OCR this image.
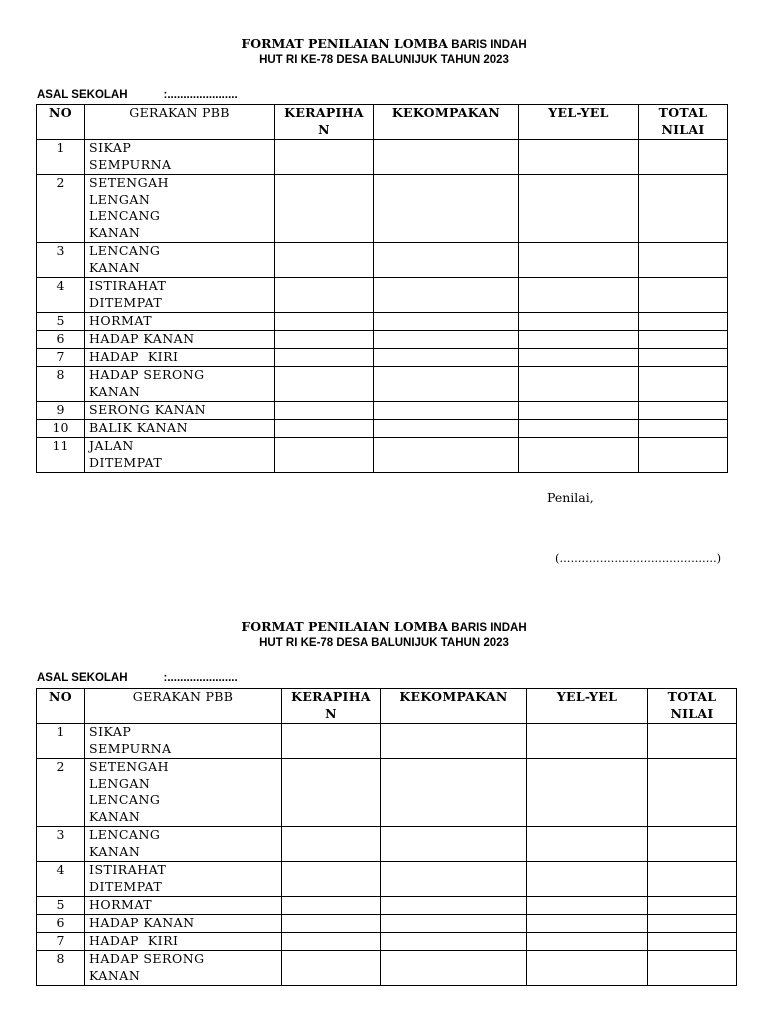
FORMAT PENILAIAN LOMBA BARIS INDAH
HUT RI KE-78 DESA BALUNIJUK TAHUN 2023
ASAL SEKOLAH	:......................
NO	GERAKAN PBB	KERAPIHA N	KEKOMPAKAN	YEL-YEL	TOTAL NILAI
1	SIKAP SEMPURNA				

2	SETENGAH LENGAN LENCANG KANAN				

3	LENCANG KANAN				

4	ISTIRAHAT DITEMPAT				

5	HORMAT				
6	HADAP KANAN				
7	HADAP  KIRI				
8	HADAP SERONG KANAN				

9	SERONG KANAN				
10	BALIK KANAN				
11	JALAN DITEMPAT				

Penilai,
(...........................................)
FORMAT PENILAIAN LOMBA BARIS INDAH
HUT RI KE-78 DESA BALUNIJUK TAHUN 2023
ASAL SEKOLAH	:......................
NO	GERAKAN PBB	KERAPIHA N	KEKOMPAKAN	YEL-YEL	TOTAL NILAI
1	SIKAP SEMPURNA				

2	SETENGAH LENGAN LENCANG KANAN				

3	LENCANG KANAN				

4	ISTIRAHAT DITEMPAT				

5	HORMAT				
6	HADAP KANAN				
7	HADAP  KIRI				
8	HADAP SERONG KANAN				
